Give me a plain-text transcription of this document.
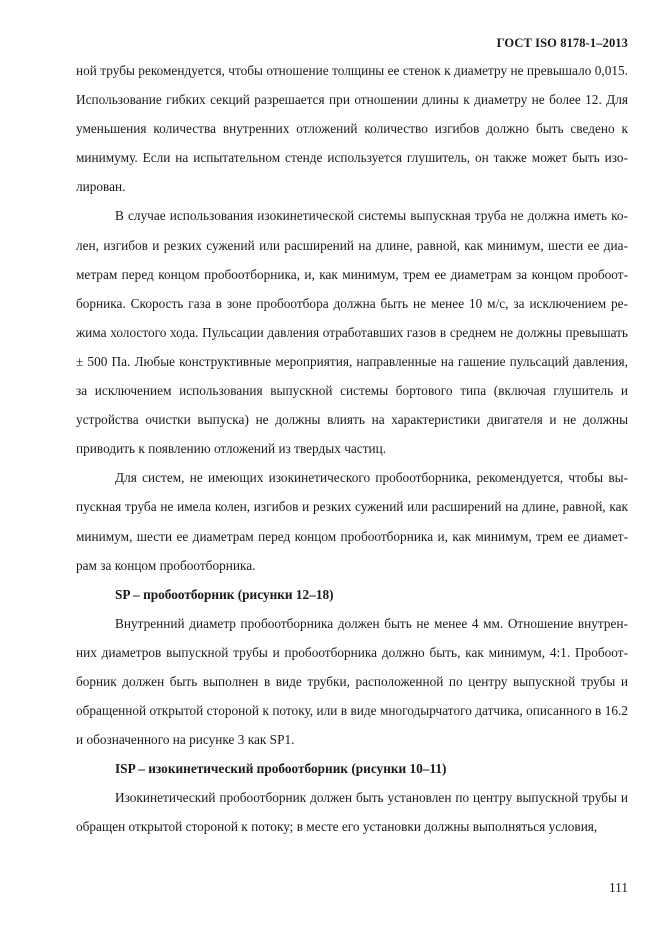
ГОСТ ISO 8178-1–2013

ной трубы рекомендуется, чтобы отношение толщины ее стенок к диаметру не превышало 0,015. Использование гибких секций разрешается при отношении длины к диаметру не более 12. Для уменьшения количества внутренних отложений количество изгибов должно быть сведено к минимуму. Если на испытательном стенде используется глушитель, он также может быть изолирован.

В случае использования изокинетической системы выпускная труба не должна иметь колен, изгибов и резких сужений или расширений на длине, равной, как минимум, шести ее диаметрам перед концом пробоотборника, и, как минимум, трем ее диаметрам за концом пробоотборника. Скорость газа в зоне пробоотбора должна быть не менее 10 м/с, за исключением режима холостого хода. Пульсации давления отработавших газов в среднем не должны превышать ± 500 Па. Любые конструктивные мероприятия, направленные на гашение пульсаций давления, за исключением использования выпускной системы бортового типа (включая глушитель и устройства очистки выпуска) не должны влиять на характеристики двигателя и не должны приводить к появлению отложений из твердых частиц.

Для систем, не имеющих изокинетического пробоотборника, рекомендуется, чтобы выпускная труба не имела колен, изгибов и резких сужений или расширений на длине, равной, как минимум, шести ее диаметрам перед концом пробоотборника и, как минимум, трем ее диаметрам за концом пробоотборника.

SP – пробоотборник (рисунки 12–18)

Внутренний диаметр пробоотборника должен быть не менее 4 мм. Отношение внутренних диаметров выпускной трубы и пробоотборника должно быть, как минимум, 4:1. Пробоотборник должен быть выполнен в виде трубки, расположенной по центру выпускной трубы и обращенной открытой стороной к потоку, или в виде многодырчатого датчика, описанного в 16.2 и обозначенного на рисунке 3 как SP1.

ISP – изокинетический пробоотборник (рисунки 10–11)

Изокинетический пробоотборник должен быть установлен по центру выпускной трубы и обращен открытой стороной к потоку; в месте его установки должны выполняться условия,

111
